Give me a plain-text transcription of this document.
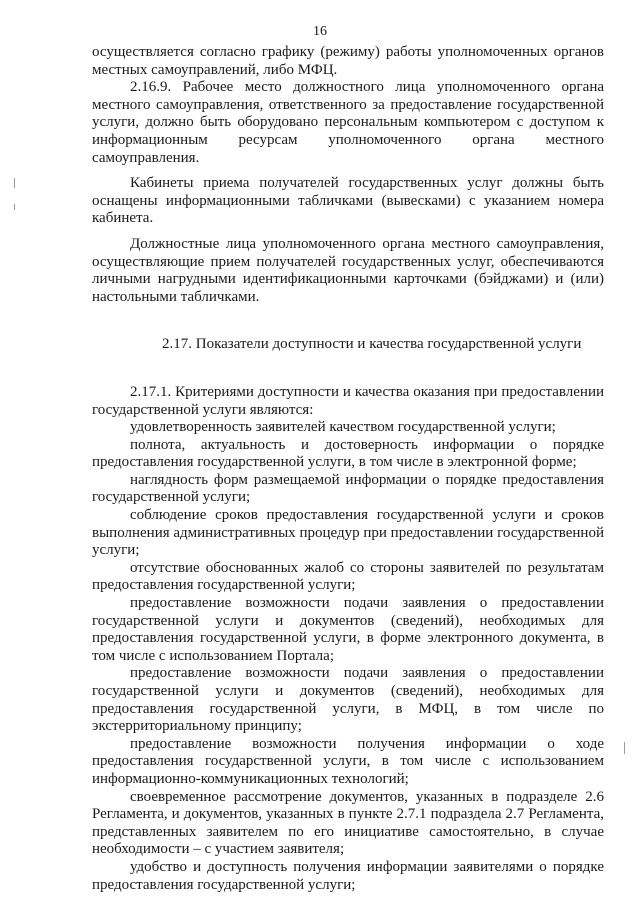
16

осуществляется согласно графику (режиму) работы уполномоченных органов местных самоуправлений, либо МФЦ.

2.16.9. Рабочее место должностного лица уполномоченного органа местного самоуправления, ответственного за предоставление государственной услуги, должно быть оборудовано персональным компьютером с доступом к информационным ресурсам уполномоченного органа местного самоуправления.

Кабинеты приема получателей государственных услуг должны быть оснащены информационными табличками (вывесками) с указанием номера кабинета.

Должностные лица уполномоченного органа местного самоуправления, осуществляющие прием получателей государственных услуг, обеспечиваются личными нагрудными идентификационными карточками (бэйджами) и (или) настольными табличками.

2.17. Показатели доступности и качества государственной услуги

2.17.1. Критериями доступности и качества оказания при предоставлении государственной услуги являются:

удовлетворенность заявителей качеством государственной услуги;

полнота, актуальность и достоверность информации о порядке предоставления государственной услуги, в том числе в электронной форме;

наглядность форм размещаемой информации о порядке предоставления государственной услуги;

соблюдение сроков предоставления государственной услуги и сроков выполнения административных процедур при предоставлении государственной услуги;

отсутствие обоснованных жалоб со стороны заявителей по результатам предоставления государственной услуги;

предоставление возможности подачи заявления о предоставлении государственной услуги и документов (сведений), необходимых для предоставления государственной услуги, в форме электронного документа, в том числе с использованием Портала;

предоставление возможности подачи заявления о предоставлении государственной услуги и документов (сведений), необходимых для предоставления государственной услуги, в МФЦ, в том числе по экстерриториальному принципу;

предоставление возможности получения информации о ходе предоставления государственной услуги, в том числе с использованием информационно-коммуникационных технологий;

своевременное рассмотрение документов, указанных в подразделе 2.6 Регламента, и документов, указанных в пункте 2.7.1 подраздела 2.7 Регламента, представленных заявителем по его инициативе самостоятельно, в случае необходимости – с участием заявителя;

удобство и доступность получения информации заявителями о порядке предоставления государственной услуги;
